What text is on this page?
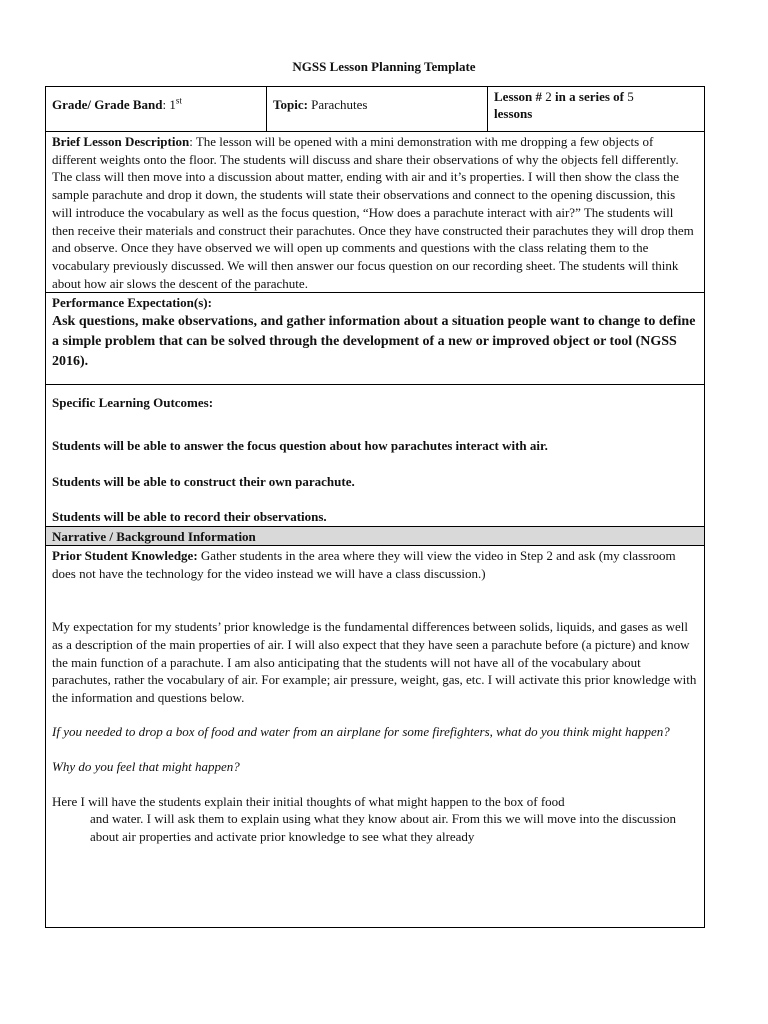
NGSS Lesson Planning Template
Grade/ Grade Band: 1st	Topic: Parachutes	Lesson # 2 in a series of 5
lessons
Brief Lesson Description: The lesson will be opened with a mini demonstration with me dropping a few objects of different weights onto the floor. The students will discuss and share their observations of why the objects fell differently. The class will then move into a discussion about matter, ending with air and it’s properties. I will then show the class the sample parachute and drop it down, the students will state their observations and connect to the opening discussion, this will introduce the vocabulary as well as the focus question, “How does a parachute interact with air?” The students will then receive their materials and construct their parachutes. Once they have constructed their parachutes they will drop them and observe. Once they have observed we will open up comments and questions with the class relating them to the vocabulary previously discussed. We will then answer our focus question on our recording sheet. The students will think about how air slows the descent of the parachute.

Performance Expectation(s):
Ask questions, make observations, and gather information about a situation people want to change to define a simple problem that can be solved through the development of a new or improved object or tool (NGSS 2016).

Specific Learning Outcomes:

Students will be able to answer the focus question about how parachutes interact with air.

Students will be able to construct their own parachute.

Students will be able to record their observations.

Narrative / Background Information

Prior Student Knowledge: Gather students in the area where they will view the video in Step 2 and ask (my classroom does not have the technology for the video instead we will have a class discussion.)

My expectation for my students’ prior knowledge is the fundamental differences between solids, liquids, and gases as well as a description of the main properties of air. I will also expect that they have seen a parachute before (a picture) and know the main function of a parachute. I am also anticipating that the students will not have all of the vocabulary about parachutes, rather the vocabulary of air. For example; air pressure, weight, gas, etc. I will activate this prior knowledge with the information and questions below.

If you needed to drop a box of food and water from an airplane for some firefighters, what do you think might happen?

Why do you feel that might happen?

Here I will have the students explain their initial thoughts of what might happen to the box of food

and water. I will ask them to explain using what they know about air. From this we will move into the discussion about air properties and activate prior knowledge to see what they already
